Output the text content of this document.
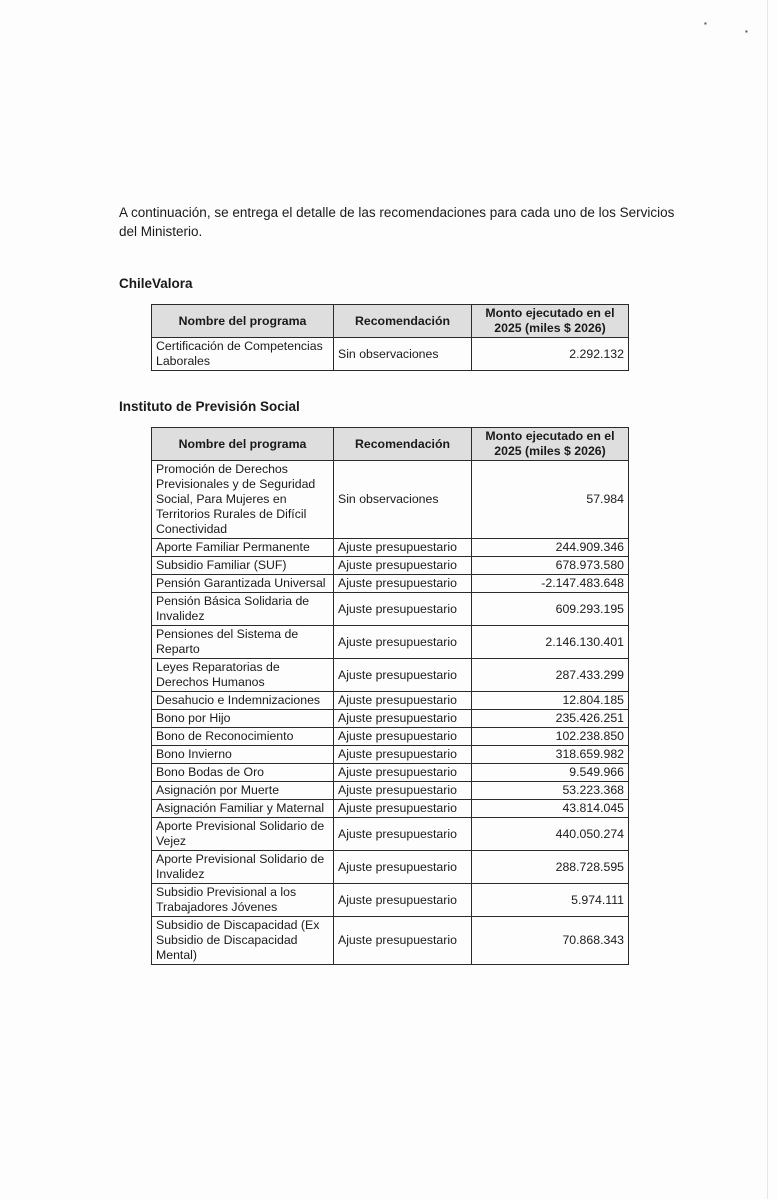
▪
▪

A continuación, se entrega el detalle de las recomendaciones para cada uno de los Servicios del Ministerio.

ChileValora

Nombre del programa	Recomendación	Monto ejecutado en el 2025 (miles $ 2026)
Certificación de Competencias Laborales	Sin observaciones	2.292.132

Instituto de Previsión Social

Nombre del programa	Recomendación	Monto ejecutado en el 2025 (miles $ 2026)
Promoción de Derechos Previsionales y de Seguridad Social, Para Mujeres en Territorios Rurales de Difícil Conectividad	Sin observaciones	57.984
Aporte Familiar Permanente	Ajuste presupuestario	244.909.346
Subsidio Familiar (SUF)	Ajuste presupuestario	678.973.580
Pensión Garantizada Universal	Ajuste presupuestario	-2.147.483.648
Pensión Básica Solidaria de Invalidez	Ajuste presupuestario	609.293.195
Pensiones del Sistema de Reparto	Ajuste presupuestario	2.146.130.401
Leyes Reparatorias de Derechos Humanos	Ajuste presupuestario	287.433.299
Desahucio e Indemnizaciones	Ajuste presupuestario	12.804.185
Bono por Hijo	Ajuste presupuestario	235.426.251
Bono de Reconocimiento	Ajuste presupuestario	102.238.850
Bono Invierno	Ajuste presupuestario	318.659.982
Bono Bodas de Oro	Ajuste presupuestario	9.549.966
Asignación por Muerte	Ajuste presupuestario	53.223.368
Asignación Familiar y Maternal	Ajuste presupuestario	43.814.045
Aporte Previsional Solidario de Vejez	Ajuste presupuestario	440.050.274
Aporte Previsional Solidario de Invalidez	Ajuste presupuestario	288.728.595
Subsidio Previsional a los Trabajadores Jóvenes	Ajuste presupuestario	5.974.111
Subsidio de Discapacidad (Ex Subsidio de Discapacidad Mental)	Ajuste presupuestario	70.868.343
